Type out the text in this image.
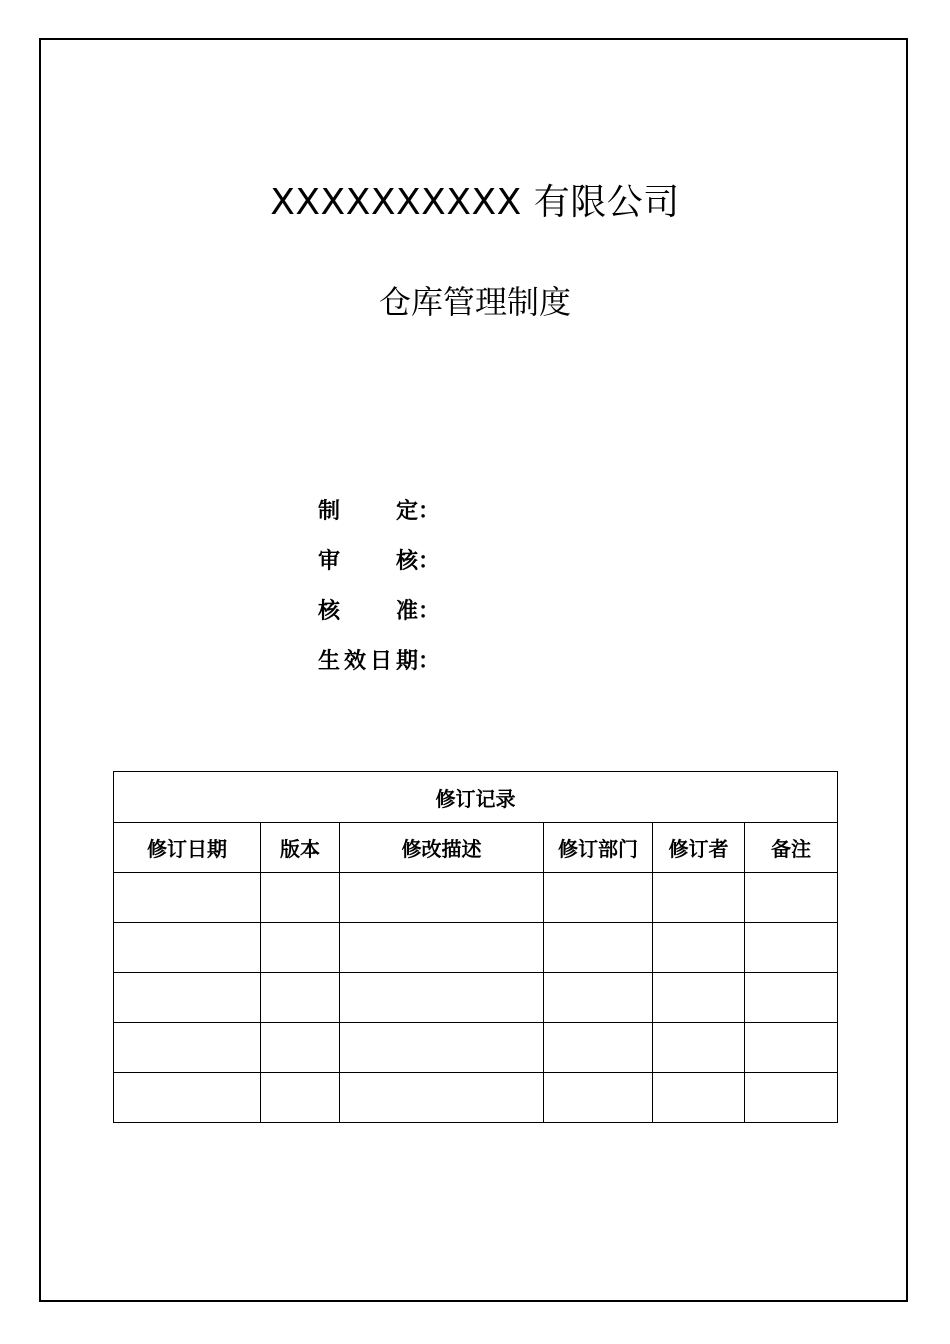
XXXXXXXXXX 有限公司
仓库管理制度
制 定 ：
审 核 ：
核 准 ：
生效日期 ：
修订记录					
修订日期	版本	修改描述	修订部门	修订者	备注
